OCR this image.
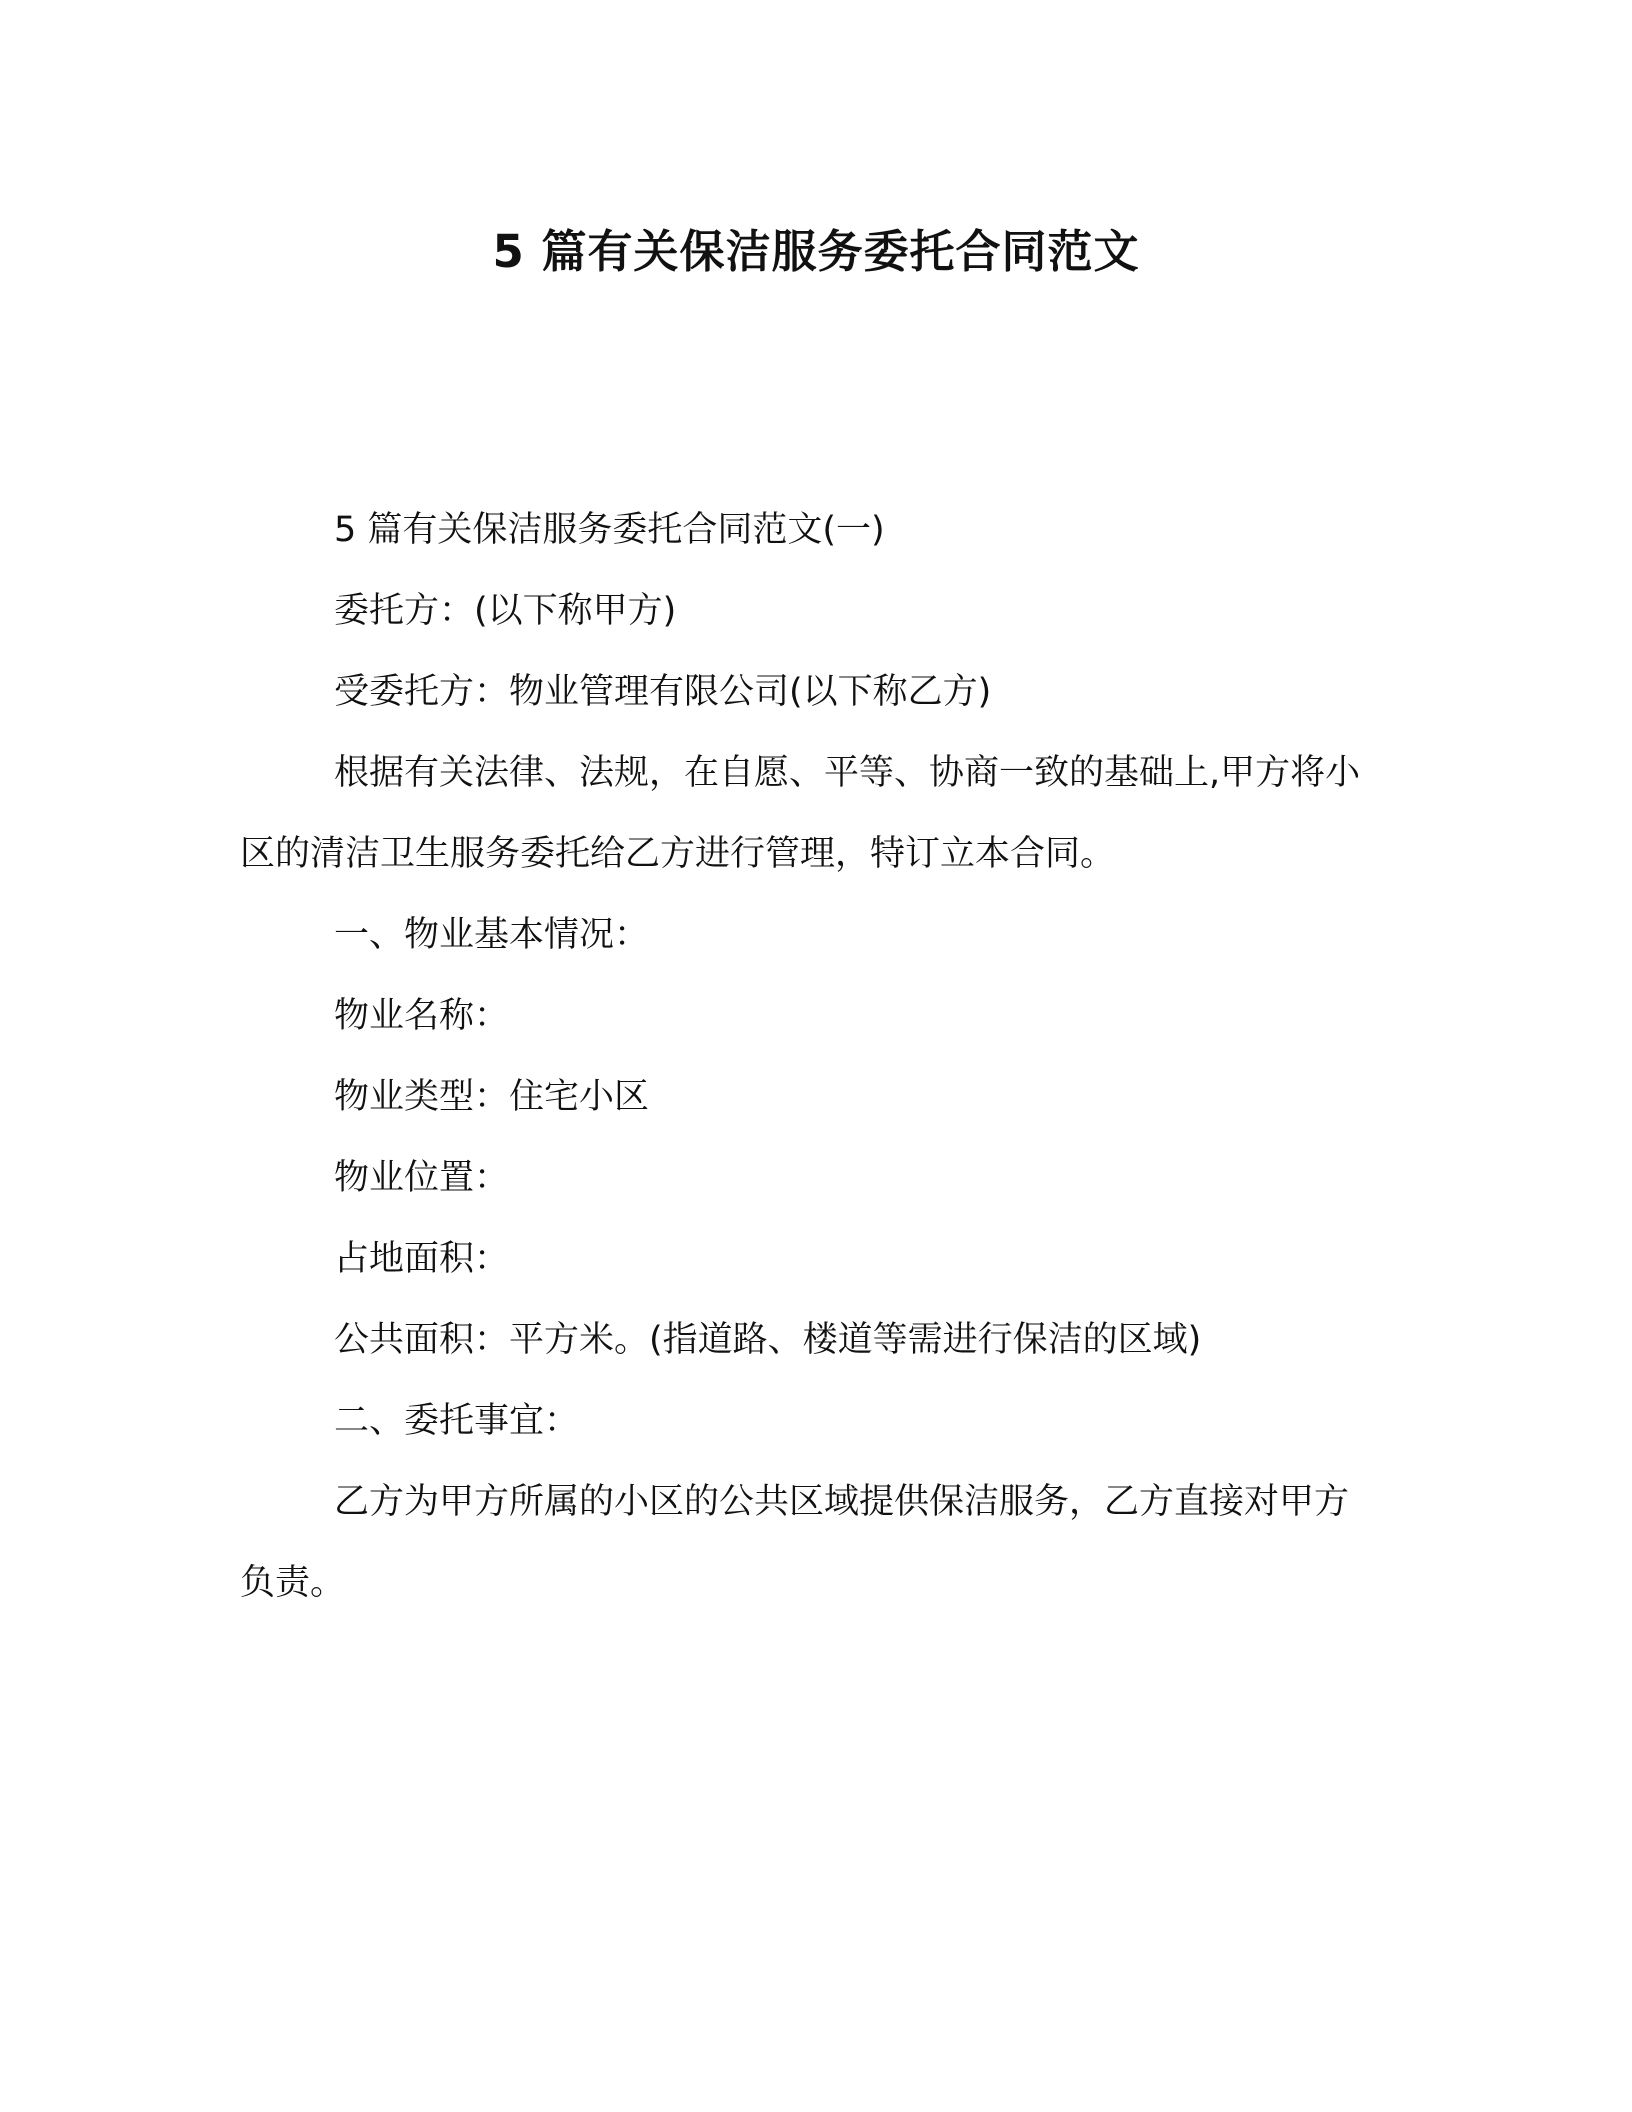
5 篇有关保洁服务委托合同范文

5 篇有关保洁服务委托合同范文(一)

委托方：(以下称甲方)

受委托方：物业管理有限公司(以下称乙方)

根据有关法律、法规，在自愿、平等、协商一致的基础上,甲方将小区的清洁卫生服务委托给乙方进行管理，特订立本合同。

一、物业基本情况：

物业名称：

物业类型：住宅小区

物业位置：

占地面积：

公共面积：平方米。(指道路、楼道等需进行保洁的区域)

二、委托事宜：

乙方为甲方所属的小区的公共区域提供保洁服务，乙方直接对甲方负责。
